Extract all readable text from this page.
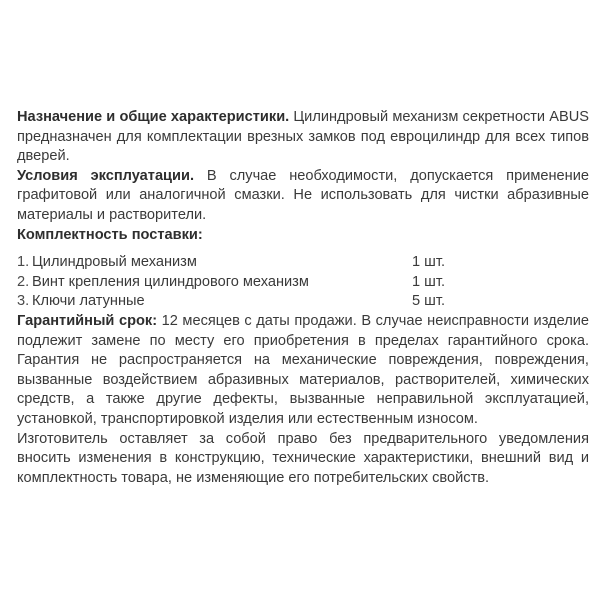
Назначение и общие характеристики. Цилиндровый механизм секретности ABUS предназначен для комплектации врезных замков под евроцилиндр для всех типов дверей.

Условия эксплуатации. В случае необходимости, допускается применение графитовой или аналогичной смазки. Не использовать для чистки абразивные материалы и растворители.

Комплектность поставки:

1. Цилиндровый механизм	1 шт.
2. Винт крепления цилиндрового механизм	1 шт.
3. Ключи латунные	5 шт.

Гарантийный срок: 12 месяцев с даты продажи. В случае неисправности изделие подлежит замене по месту его приобретения в пределах гарантийного срока. Гарантия не распространяется на механические повреждения, повреждения, вызванные воздействием абразивных материалов, растворителей, химических средств, а также другие дефекты, вызванные неправильной эксплуатацией, установкой, транспортировкой изделия или естественным износом.

Изготовитель оставляет за собой право без предварительного уведомления вносить изменения в конструкцию, технические характеристики, внешний вид и комплектность товара, не изменяющие его потребительских свойств.
